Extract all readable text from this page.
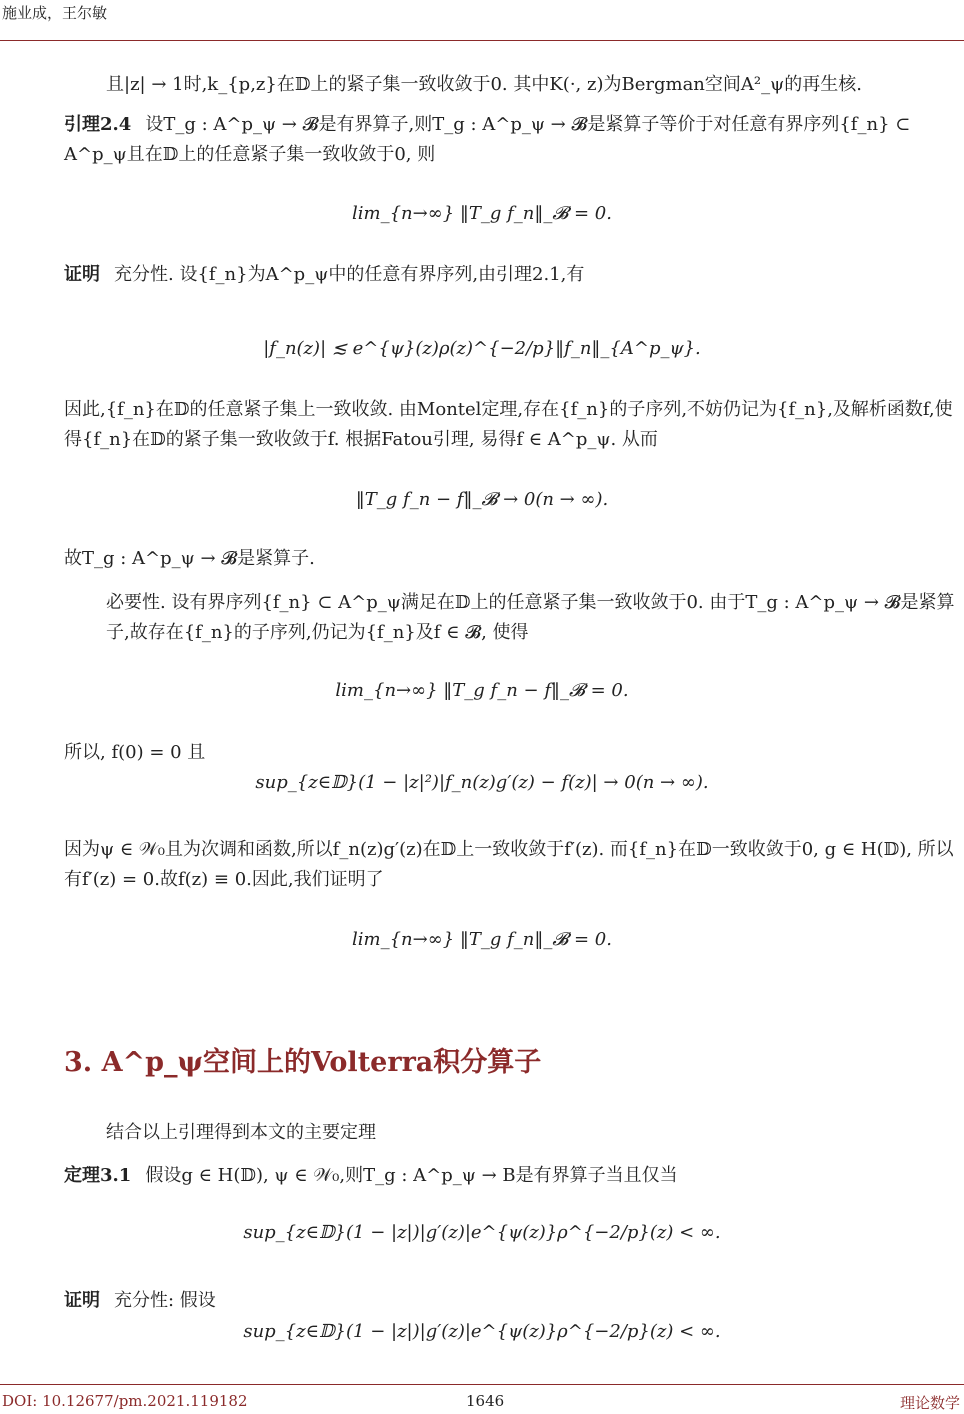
施业成，王尔敏
且|z| → 1时,k_{p,z}在𝔻上的紧子集一致收敛于0. 其中K(·, z)为Bergman空间A²_ψ的再生核.
引理2.4 设T_g : A^p_ψ → 𝓑是有界算子,则T_g : A^p_ψ → 𝓑是紧算子等价于对任意有界序列{f_n} ⊂ A^p_ψ且在𝔻上的任意紧子集一致收敛于0, 则
lim_{n→∞} ‖T_g f_n‖_𝓑 = 0.
证明 充分性. 设{f_n}为A^p_ψ中的任意有界序列,由引理2.1,有
|f_n(z)| ≲ e^{ψ}(z)ρ(z)^{−2/p}‖f_n‖_{A^p_ψ}.
因此,{f_n}在𝔻的任意紧子集上一致收敛. 由Montel定理,存在{f_n}的子序列,不妨仍记为{f_n},及解析函数f,使得{f_n}在𝔻的紧子集一致收敛于f. 根据Fatou引理, 易得f ∈ A^p_ψ. 从而
‖T_g f_n − f‖_𝓑 → 0(n → ∞).
故T_g : A^p_ψ → 𝓑是紧算子.
必要性. 设有界序列{f_n} ⊂ A^p_ψ满足在𝔻上的任意紧子集一致收敛于0. 由于T_g : A^p_ψ → 𝓑是紧算子,故存在{f_n}的子序列,仍记为{f_n}及f ∈ 𝓑, 使得
lim_{n→∞} ‖T_g f_n − f‖_𝓑 = 0.
所以, f(0) = 0 且
sup_{z∈𝔻}(1 − |z|²)|f_n(z)g′(z) − f(z)| → 0(n → ∞).
因为ψ ∈ 𝒲₀且为次调和函数,所以f_n(z)g′(z)在𝔻上一致收敛于f′(z). 而{f_n}在𝔻一致收敛于0, g ∈ H(𝔻), 所以有f′(z) = 0.故f(z) ≡ 0.因此,我们证明了
lim_{n→∞} ‖T_g f_n‖_𝓑 = 0.
3. A^p_ψ空间上的Volterra积分算子
结合以上引理得到本文的主要定理
定理3.1 假设g ∈ H(𝔻), ψ ∈ 𝒲₀,则T_g : A^p_ψ → B是有界算子当且仅当
sup_{z∈𝔻}(1 − |z|)|g′(z)|e^{ψ(z)}ρ^{−2/p}(z) < ∞.
证明 充分性: 假设
sup_{z∈𝔻}(1 − |z|)|g′(z)|e^{ψ(z)}ρ^{−2/p}(z) < ∞.
DOI: 10.12677/pm.2021.119182	1646	理论数学
